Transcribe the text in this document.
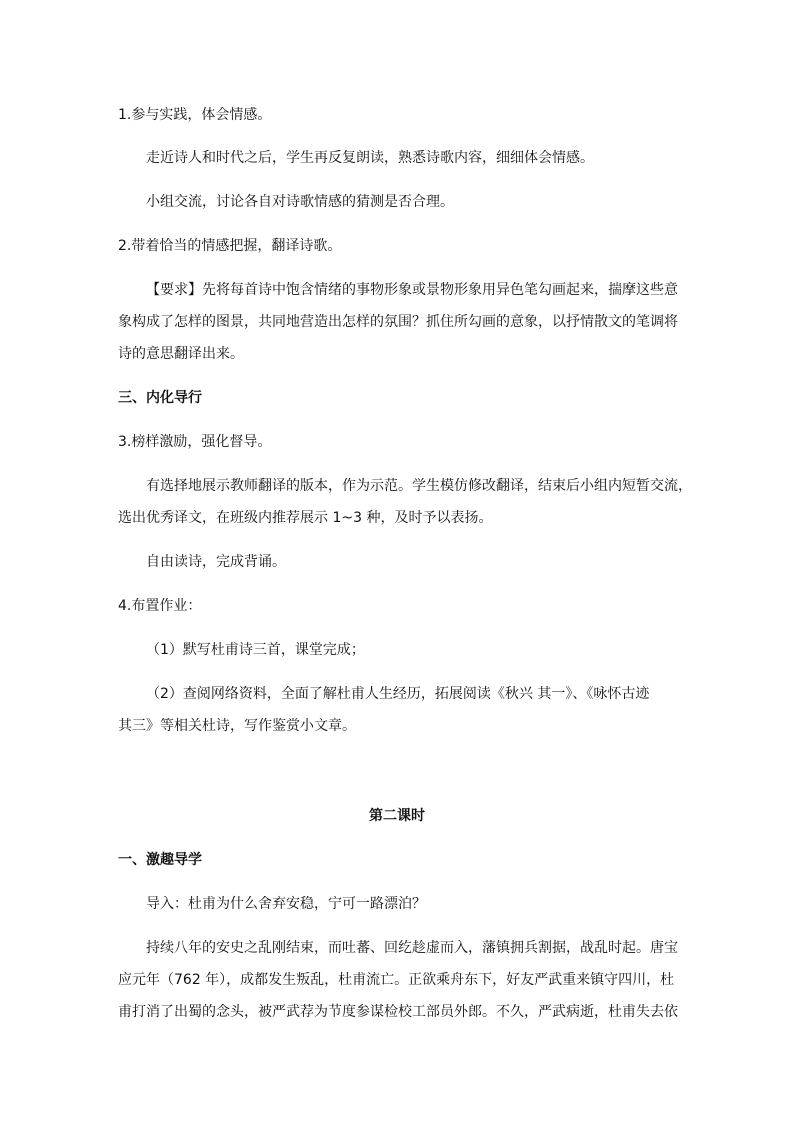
1.参与实践，体会情感。
走近诗人和时代之后，学生再反复朗读，熟悉诗歌内容，细细体会情感。
小组交流，讨论各自对诗歌情感的猜测是否合理。
2.带着恰当的情感把握，翻译诗歌。
【要求】先将每首诗中饱含情绪的事物形象或景物形象用异色笔勾画起来，揣摩这些意
象构成了怎样的图景，共同地营造出怎样的氛围？抓住所勾画的意象，以抒情散文的笔调将
诗的意思翻译出来。
三、内化导行
3.榜样激励，强化督导。
有选择地展示教师翻译的版本，作为示范。学生模仿修改翻译，结束后小组内短暂交流，
选出优秀译文，在班级内推荐展示 1~3 种，及时予以表扬。
自由读诗，完成背诵。
4.布置作业：
（1）默写杜甫诗三首，课堂完成；
（2）查阅网络资料，全面了解杜甫人生经历，拓展阅读《秋兴 其一》、《咏怀古迹
其三》等相关杜诗，写作鉴赏小文章。
第二课时
一、激趣导学
导入：杜甫为什么舍弃安稳，宁可一路漂泊？
持续八年的安史之乱刚结束，而吐蕃、回纥趁虚而入，藩镇拥兵割据，战乱时起。唐宝
应元年（762 年），成都发生叛乱，杜甫流亡。正欲乘舟东下，好友严武重来镇守四川，杜
甫打消了出蜀的念头，被严武荐为节度参谋检校工部员外郎。不久，严武病逝，杜甫失去依
